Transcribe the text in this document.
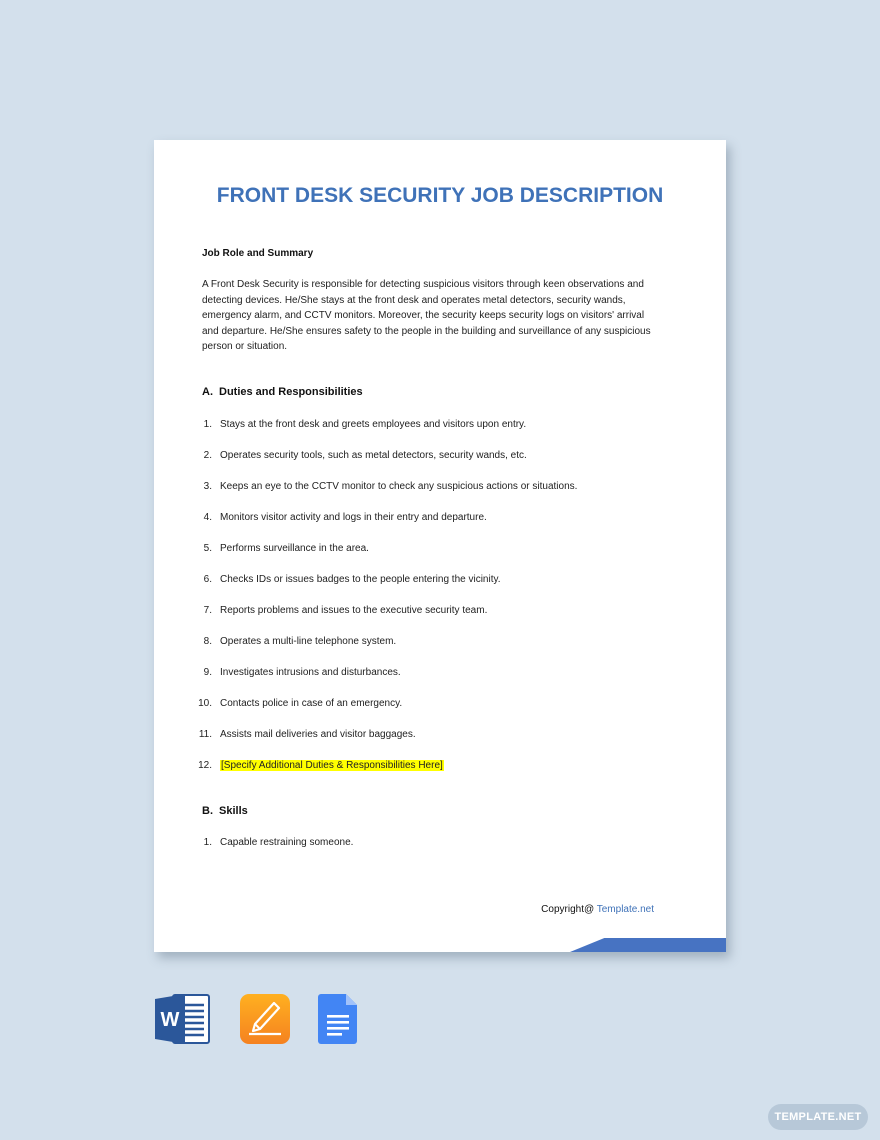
FRONT DESK SECURITY JOB DESCRIPTION

Job Role and Summary

A Front Desk Security is responsible for detecting suspicious visitors through keen observations and detecting devices. He/She stays at the front desk and operates metal detectors, security wands, emergency alarm, and CCTV monitors. Moreover, the security keeps security logs on visitors' arrival and departure. He/She ensures safety to the people in the building and surveillance of any suspicious person or situation.

A. Duties and Responsibilities

1. Stays at the front desk and greets employees and visitors upon entry.
2. Operates security tools, such as metal detectors, security wands, etc.
3. Keeps an eye to the CCTV monitor to check any suspicious actions or situations.
4. Monitors visitor activity and logs in their entry and departure.
5. Performs surveillance in the area.
6. Checks IDs or issues badges to the people entering the vicinity.
7. Reports problems and issues to the executive security team.
8. Operates a multi-line telephone system.
9. Investigates intrusions and disturbances.
10. Contacts police in case of an emergency.
11. Assists mail deliveries and visitor baggages.
12. [Specify Additional Duties & Responsibilities Here]

B. Skills

1. Capable restraining someone.
Copyright@ Template.net
W
TEMPLATE.NET
